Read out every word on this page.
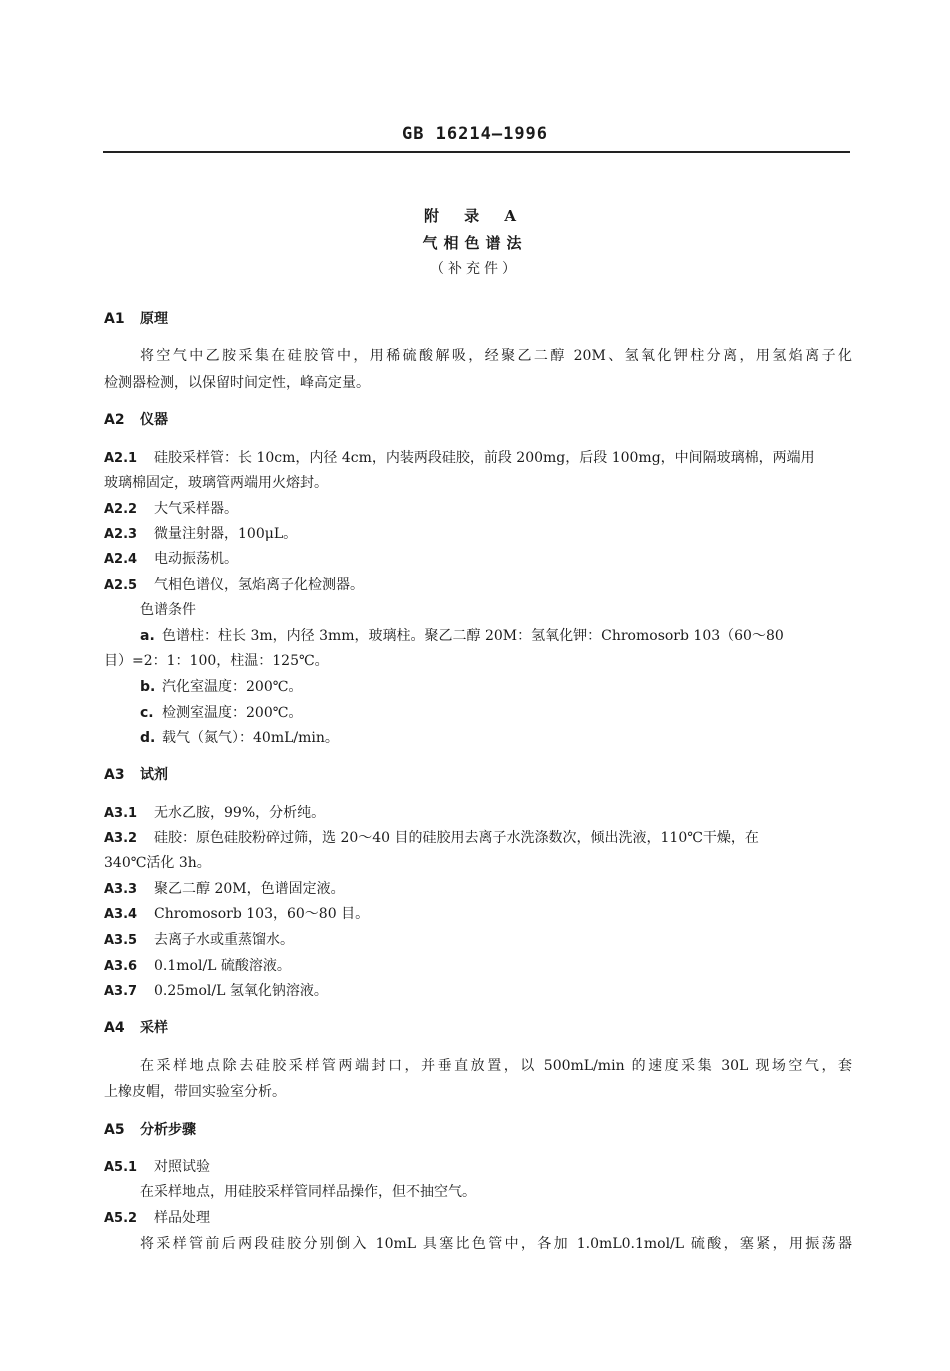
GB 16214—1996
附 录 A
气相色谱法
（补充件）
A1 原理
将空气中乙胺采集在硅胶管中，用稀硫酸解吸，经聚乙二醇 20M、氢氧化钾柱分离，用氢焰离子化
检测器检测，以保留时间定性，峰高定量。
A2 仪器
A2.1 硅胶采样管：长 10cm，内径 4cm，内装两段硅胶，前段 200mg，后段 100mg，中间隔玻璃棉，两端用
玻璃棉固定，玻璃管两端用火熔封。
A2.2 大气采样器。
A2.3 微量注射器，100μL。
A2.4 电动振荡机。
A2.5 气相色谱仪，氢焰离子化检测器。
色谱条件
a. 色谱柱：柱长 3m，内径 3mm，玻璃柱。聚乙二醇 20M：氢氧化钾：Chromosorb 103（60～80
目）=2：1：100，柱温：125℃。
b. 汽化室温度：200℃。
c. 检测室温度：200℃。
d. 载气（氮气）：40mL/min。
A3 试剂
A3.1 无水乙胺，99%，分析纯。
A3.2 硅胶：原色硅胶粉碎过筛，选 20～40 目的硅胶用去离子水洗涤数次，倾出洗液，110℃干燥，在
340℃活化 3h。
A3.3 聚乙二醇 20M，色谱固定液。
A3.4 Chromosorb 103，60～80 目。
A3.5 去离子水或重蒸馏水。
A3.6 0.1mol/L 硫酸溶液。
A3.7 0.25mol/L 氢氧化钠溶液。
A4 采样
在采样地点除去硅胶采样管两端封口，并垂直放置，以 500mL/min 的速度采集 30L 现场空气，套
上橡皮帽，带回实验室分析。
A5 分析步骤
A5.1 对照试验
在采样地点，用硅胶采样管同样品操作，但不抽空气。
A5.2 样品处理
将采样管前后两段硅胶分别倒入 10mL 具塞比色管中，各加 1.0mL0.1mol/L 硫酸，塞紧，用振荡器
